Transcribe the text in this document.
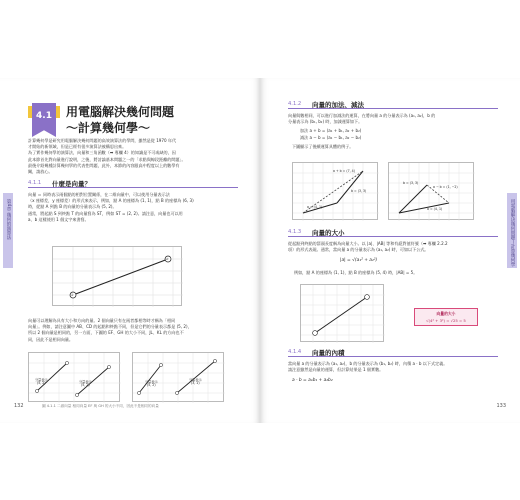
第4章 幾何的演算法
4.1	用電腦解決幾何問題
～計算幾何學～
計算幾何學是研究用電腦解決幾何問題的高效演算法的學問，雖然是從 1970 年代
才開始的新領域，但是已經有很多演算法被構思出來。
為了實作幾何學的演算法，向量和三角函數（➡ 專欄 4）的知識是不可或缺的，因
此本節首先對向量進行說明，之後，將討論基本問題之一的「求點與線段距離的問題」。
最後介紹幾種計算幾何學的代表性問題，此外，本節的內容跟高中程度以上的數學有
關，請放心。
4.1.1 什麼是向量？
向量 ＝ 同時表示兩個點的相對位置關係，在二維向量中，可以使用分量表示法
（x 座標差，y 座標差）的形式來表示，例如，點 A 的座標為 (1, 1)，點 B 的座標為 (6, 3)
時，從點 A 到點 B 的向量的分量表示為 (5, 2)。
通常，將起點 S 到終點 T 的向量寫為 ST，例如 ST = (2, 2)。請注意，向量也可以用
a、b 這樣使用 1 個文字來書寫。
①
②
向量可以理解為具有大小和方向的量。2 個向量只有在兩者都相等時才稱為「相同
向量」。例如，請注意圖中 AB、CD 的起點和終點不同，但是它們的分量表示都是 (5, 2)，
所以 2 個向量是相同的，另一方面，下圖的 EF、GH 的大小不同，JL、KL 的方向也不
同，因此不是相同向量。
分量表示
(5, 2)	分量表示
(5, 2)
分量表示
(5, 2)
分量表示
(3, 1)
圖 4.1.1 二維向量 相同向量 EF 與 GH 的大小不同，因此不是相同的向量
132
用電腦解決幾何問題—計算幾何學
4.1.2 向量的加法、減法
向量與數相同，可以進行加減法的運算，在將向量 a 的分量表示為 (a₁, a₂)，b 的
分量表示為 (b₁, b₂) 時，加減運算如下。
加法 a + b = (a₁ + b₁, a₂ + b₂)
減法 a − b = (a₁ − b₁, a₂ − b₂)
下圖顯示了後續運算具體的例子。
a + b = (7, 4)
b = (3, 3)
a = (4, 1)
b = (3, 3)
a − b = (1, −2)
a = (4, 1)
4.1.3 向量的大小
從起點到終點的箭頭長度稱為向量大小。以 |a|、|AB| 等和有絕對值符號（➡ 專欄 2.2.2
項）的形式表現。通常，當向量 a 的分量表示為 (a₁, a₂) 時，可如以下公式。
|a| = √(a₁² + a₂²)
例如，點 A 的座標為 (1, 1)，點 B 的座標為 (5, 4) 時，|AB| = 5。
向量的大小
√(4² + 3²) = √25 = 5
4.1.4 向量的內積
當向量 a 的分量表示為 (a₁, a₂)，b 的分量表示為 (b₁, b₂) 時，內積 a · b 以下式定義。
請注意雖然是向量的運算，但計算結果是 1 個實數。
a · b = a₁b₁ + a₂b₂
133
